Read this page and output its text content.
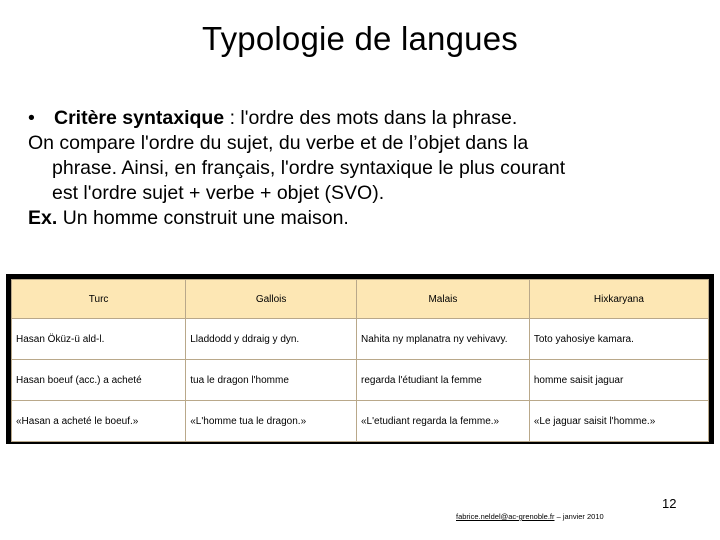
Typologie de langues
• Critère syntaxique : l'ordre des mots dans la phrase.
On compare l'ordre du sujet, du verbe et de l’objet dans la
phrase. Ainsi, en français, l'ordre syntaxique le plus courant
est l'ordre sujet + verbe + objet (SVO).
Ex. Un homme construit une maison.
Turc	Gallois	Malais	Hixkaryana
Hasan Öküz-ü ald-l.	Lladdodd y ddraig y dyn.	Nahita ny mplanatra ny vehivavy.	Toto yahosiye kamara.
Hasan boeuf (acc.) a acheté	tua le dragon l'homme	regarda l'étudiant la femme	homme saisit jaguar
«Hasan a acheté le boeuf.»	«L'homme tua le dragon.»	«L'etudiant regarda la femme.»	«Le jaguar saisit l'homme.»
12
fabrice.neldel@ac-grenoble.fr – janvier 2010
